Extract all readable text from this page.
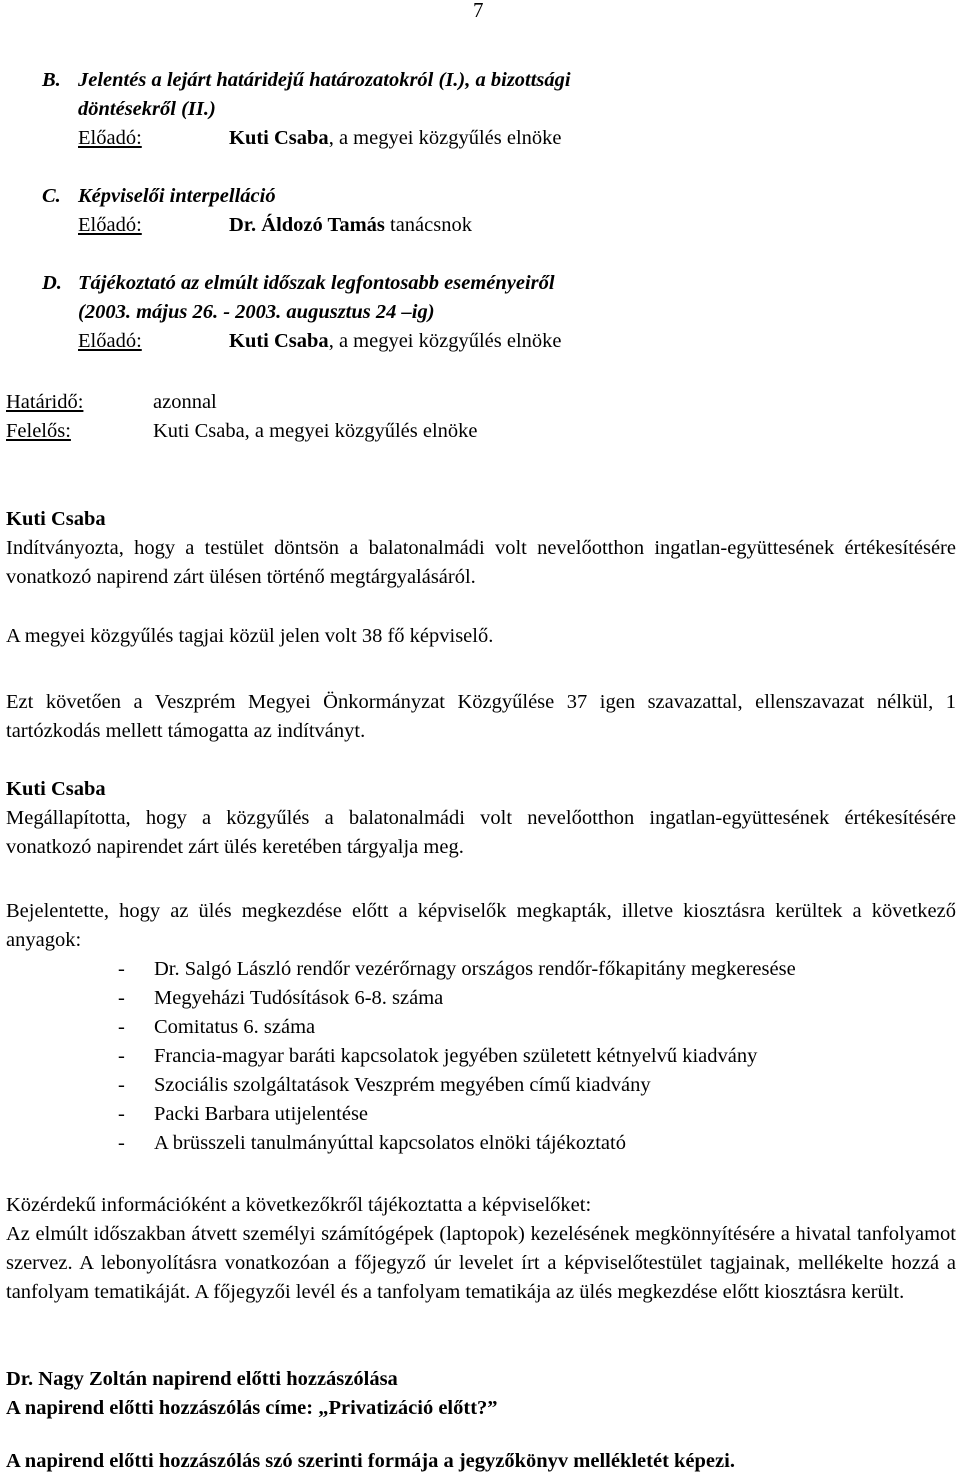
7
B. Jelentés a lejárt határidejű határozatokról (I.), a bizottsági
döntésekről (II.)
Előadó:	Kuti Csaba, a megyei közgyűlés elnöke
C. Képviselői interpelláció
Előadó:	Dr. Áldozó Tamás tanácsnok
D. Tájékoztató az elmúlt időszak legfontosabb eseményeiről
(2003. május 26. - 2003. augusztus 24 –ig)
Előadó:	Kuti Csaba, a megyei közgyűlés elnöke
Határidő:	azonnal
Felelős:	Kuti Csaba, a megyei közgyűlés elnöke
Kuti Csaba
Indítványozta, hogy a testület döntsön a balatonalmádi volt nevelőotthon ingatlan-együttesének értékesítésére vonatkozó napirend zárt ülésen történő megtárgyalásáról.
A megyei közgyűlés tagjai közül jelen volt 38 fő képviselő.
Ezt követően a Veszprém Megyei Önkormányzat Közgyűlése 37 igen szavazattal, ellenszavazat nélkül, 1 tartózkodás mellett támogatta az indítványt.
Kuti Csaba
Megállapította, hogy a közgyűlés a balatonalmádi volt nevelőotthon ingatlan-együttesének értékesítésére vonatkozó napirendet zárt ülés keretében tárgyalja meg.
Bejelentette, hogy az ülés megkezdése előtt a képviselők megkapták, illetve kiosztásra kerültek a következő anyagok:
- Dr. Salgó László rendőr vezérőrnagy országos rendőr-főkapitány megkeresése
- Megyeházi Tudósítások 6-8. száma
- Comitatus 6. száma
- Francia-magyar baráti kapcsolatok jegyében született kétnyelvű kiadvány
- Szociális szolgáltatások Veszprém megyében című kiadvány
- Packi Barbara utijelentése
- A brüsszeli tanulmányúttal kapcsolatos elnöki tájékoztató
Közérdekű információként a következőkről tájékoztatta a képviselőket:
Az elmúlt időszakban átvett személyi számítógépek (laptopok) kezelésének megkönnyítésére a hivatal tanfolyamot szervez. A lebonyolításra vonatkozóan a főjegyző úr levelet írt a képviselőtestület tagjainak, mellékelte hozzá a tanfolyam tematikáját. A főjegyzői levél és a tanfolyam tematikája az ülés megkezdése előtt kiosztásra került.
Dr. Nagy Zoltán napirend előtti hozzászólása
A napirend előtti hozzászólás címe: „Privatizáció előtt?”
A napirend előtti hozzászólás szó szerinti formája a jegyzőkönyv mellékletét képezi.
